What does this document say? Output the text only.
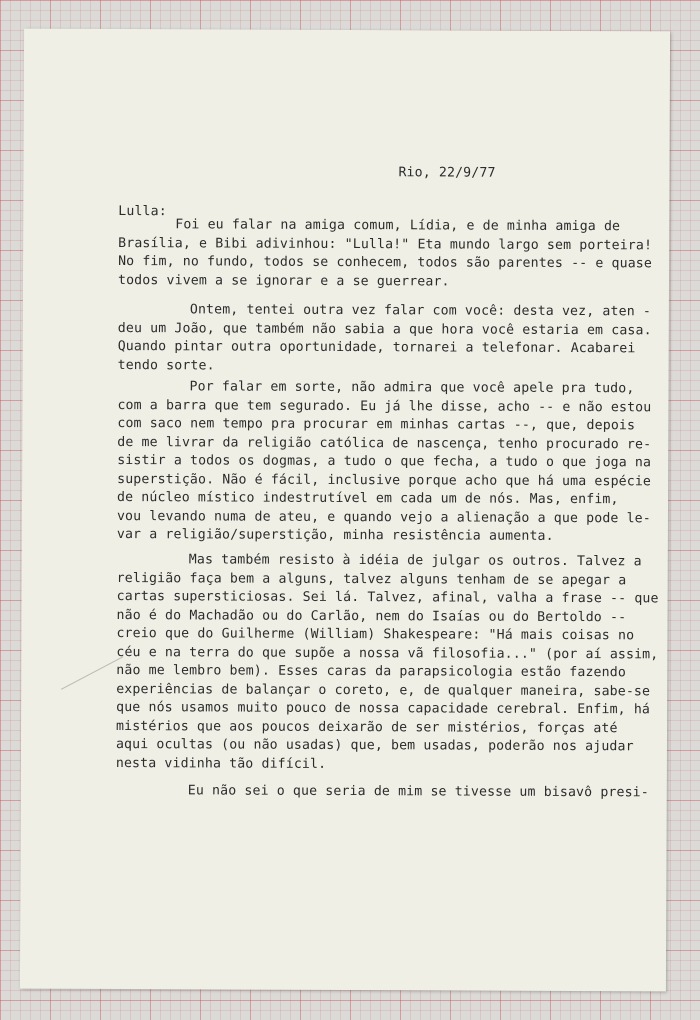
Rio, 22/9/77
Lulla:
Foi eu falar na amiga comum, Lídia, e de minha amiga de
Brasília, e Bibi adivinhou: "Lulla!" Eta mundo largo sem porteira!
No fim, no fundo, todos se conhecem, todos são parentes -- e quase
todos vivem a se ignorar e a se guerrear.
Ontem, tentei outra vez falar com você: desta vez, aten -
deu um João, que também não sabia a que hora você estaria em casa.
Quando pintar outra oportunidade, tornarei a telefonar. Acabarei
tendo sorte.
Por falar em sorte, não admira que você apele pra tudo,
com a barra que tem segurado. Eu já lhe disse, acho -- e não estou
com saco nem tempo pra procurar em minhas cartas --, que, depois
de me livrar da religião católica de nascença, tenho procurado re-
sistir a todos os dogmas, a tudo o que fecha, a tudo o que joga na
superstição. Não é fácil, inclusive porque acho que há uma espécie
de núcleo místico indestrutível em cada um de nós. Mas, enfim,
vou levando numa de ateu, e quando vejo a alienação a que pode le-
var a religião/superstição, minha resistência aumenta.
Mas também resisto à idéia de julgar os outros. Talvez a
religião faça bem a alguns, talvez alguns tenham de se apegar a
cartas supersticiosas. Sei lá. Talvez, afinal, valha a frase -- que
não é do Machadão ou do Carlão, nem do Isaías ou do Bertoldo --
creio que do Guilherme (William) Shakespeare: "Há mais coisas no
céu e na terra do que supõe a nossa vã filosofia..." (por aí assim,
não me lembro bem). Esses caras da parapsicologia estão fazendo
experiências de balançar o coreto, e, de qualquer maneira, sabe-se
que nós usamos muito pouco de nossa capacidade cerebral. Enfim, há
mistérios que aos poucos deixarão de ser mistérios, forças até
aqui ocultas (ou não usadas) que, bem usadas, poderão nos ajudar
nesta vidinha tão difícil.
Eu não sei o que seria de mim se tivesse um bisavô presi-
